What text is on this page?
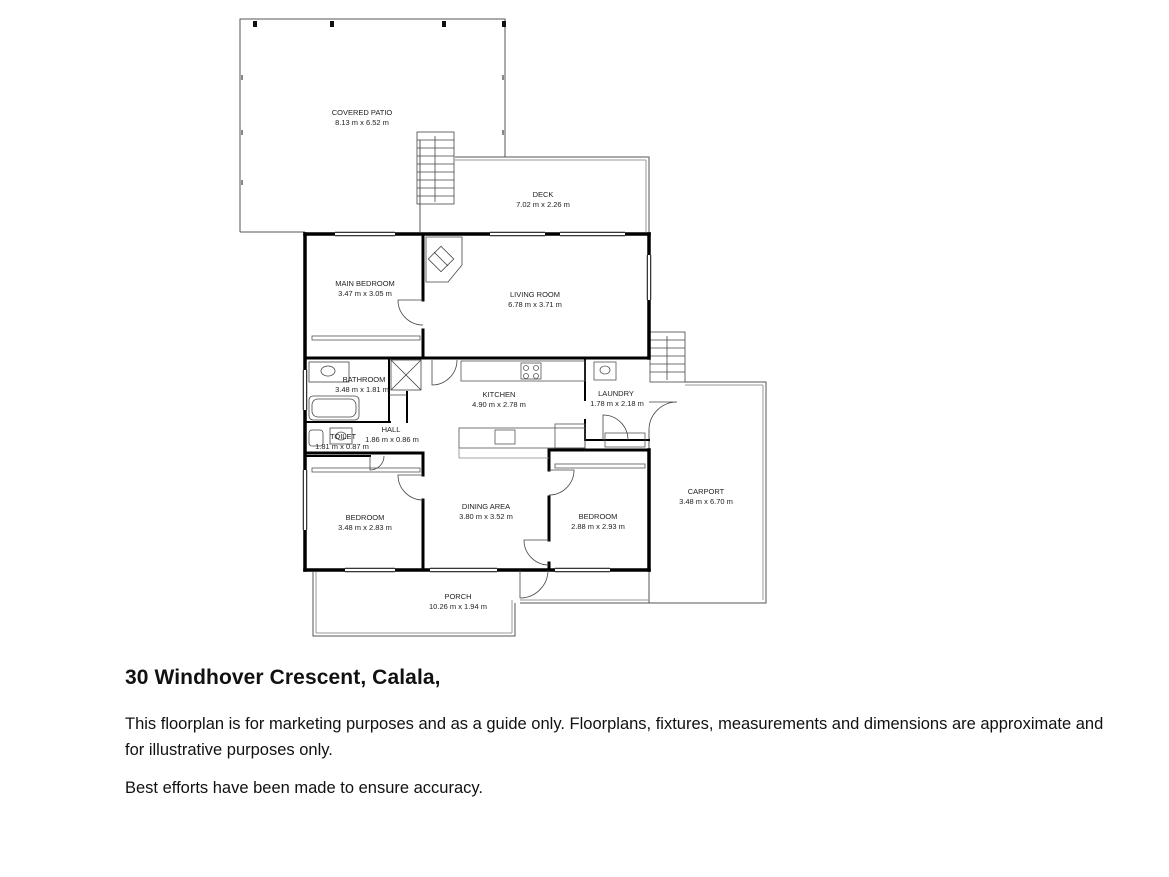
COVERED PATIO
8.13 m x 6.52 m
DECK
7.02 m x 2.26 m
MAIN BEDROOM
3.47 m x 3.05 m	LIVING ROOM
6.78 m x 3.71 m
BATHROOM
3.48 m x 1.81 m
KITCHEN
4.90 m x 2.78 m
LAUNDRY
1.78 m x 2.18 m
TOILET
1.81 m x 0.87 m
HALL
1.86 m x 0.86 m
BEDROOM
3.48 m x 2.83 m
DINING AREA
3.80 m x 3.52 m	BEDROOM
2.88 m x 2.93 m
CARPORT
3.48 m x 6.70 m
PORCH
10.26 m x 1.94 m
30 Windhover Crescent, Calala,

This floorplan is for marketing purposes and as a guide only. Floorplans, fixtures, measurements and dimensions are approximate and for illustrative purposes only.

Best efforts have been made to ensure accuracy.
